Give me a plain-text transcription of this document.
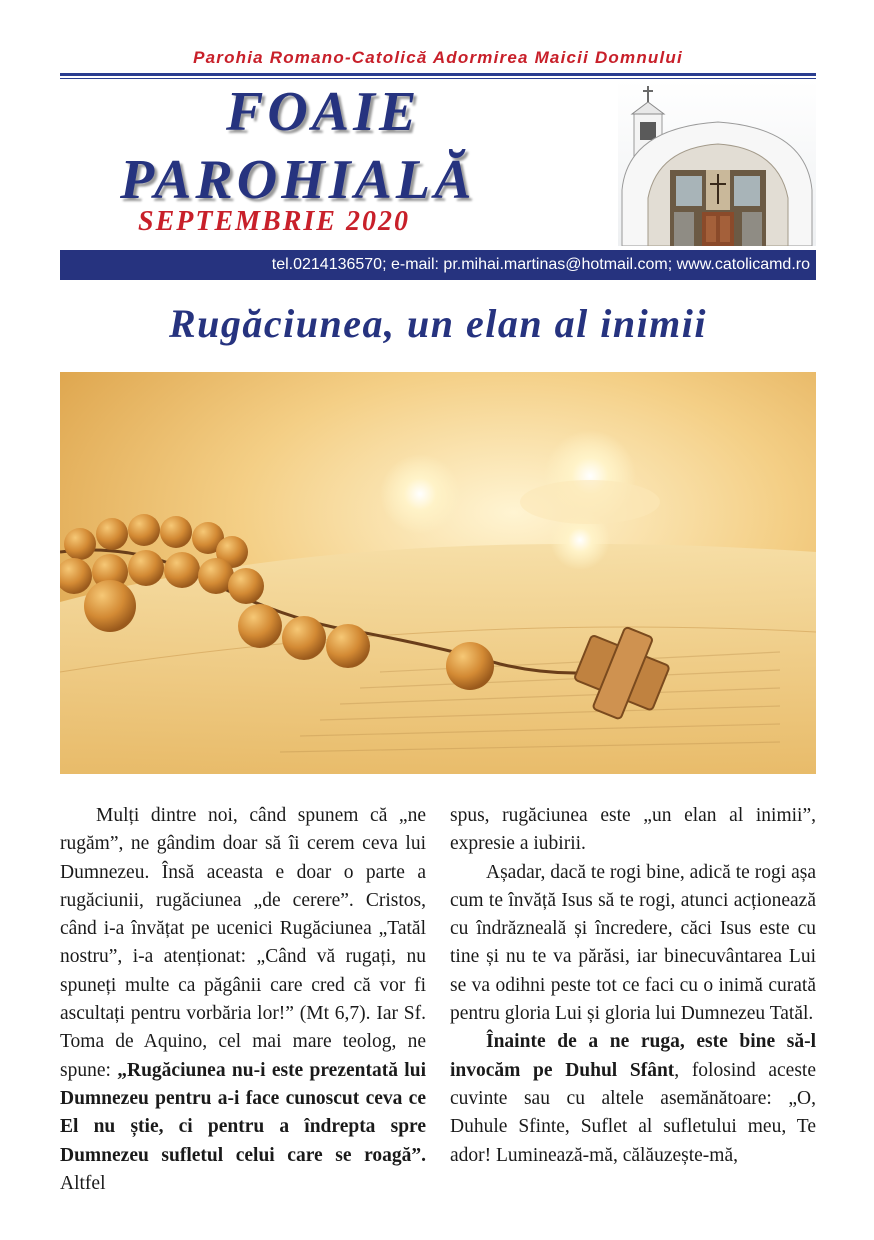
Parohia Romano-Catolică Adormirea Maicii Domnului
FOAIE
PAROHIALĂ
SEPTEMBRIE 2020
tel.0214136570; e-mail: pr.mihai.martinas@hotmail.com; www.catolicamd.ro
Rugăciunea, un elan al inimii

Mulți dintre noi, când spunem că „ne rugăm”, ne gândim doar să îi cerem ceva lui Dumnezeu. Însă aceasta e doar o parte a rugăciunii, rugăciunea „de cerere”. Cristos, când i-a învățat pe ucenici Rugăciunea „Tatăl nostru”, i-a atenționat: „Când vă rugați, nu spuneți multe ca păgânii care cred că vor fi ascultați pentru vorbăria lor!” (Mt 6,7). Iar Sf. Toma de Aquino, cel mai mare teolog, ne spune: „Rugăciunea nu-i este prezentată lui Dumnezeu pentru a-i face cunoscut ceva ce El nu știe, ci pentru a îndrepta spre Dumnezeu sufletul celui care se roagă”. Altfel

spus, rugăciunea este „un elan al inimii”, expresie a iubirii.

Așadar, dacă te rogi bine, adică te rogi așa cum te învăță Isus să te rogi, atunci acționează cu îndrăzneală și încredere, căci Isus este cu tine și nu te va părăsi, iar binecuvântarea Lui se va odihni peste tot ce faci cu o inimă curată pentru gloria Lui și gloria lui Dumnezeu Tatăl.

Înainte de a ne ruga, este bine să-l invocăm pe Duhul Sfânt, folosind aceste cuvinte sau cu altele asemănătoare: „O, Duhule Sfinte, Suflet al sufletului meu, Te ador! Luminează-mă, călăuzește-mă,
